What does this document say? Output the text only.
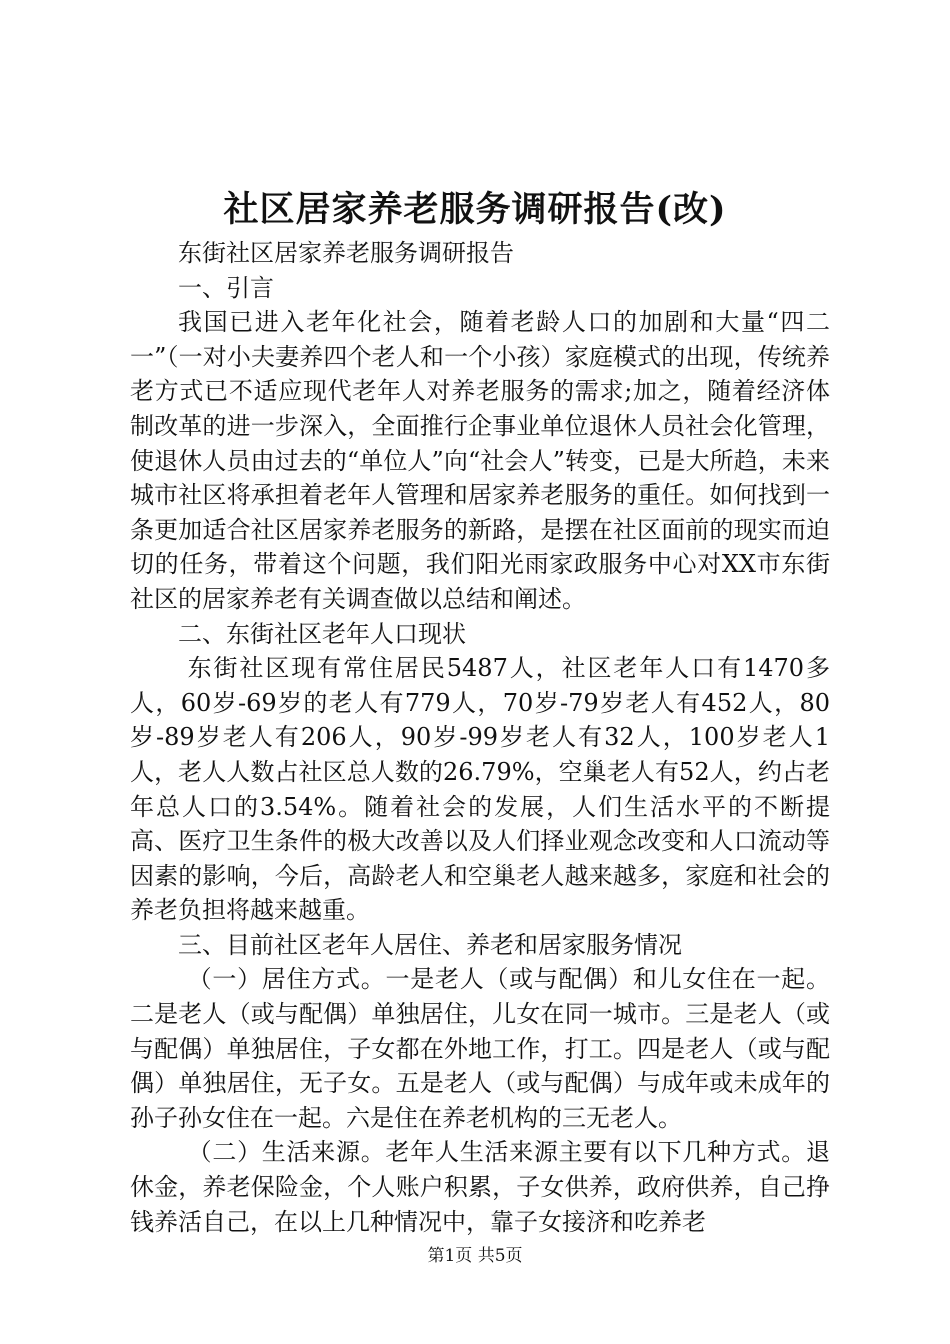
社区居家养老服务调研报告(改)

东街社区居家养老服务调研报告

一、引言

我国已进入老年化社会，随着老龄人口的加剧和大量“四二一”（一对小夫妻养四个老人和一个小孩）家庭模式的出现，传统养老方式已不适应现代老年人对养老服务的需求;加之，随着经济体制改革的进一步深入，全面推行企事业单位退休人员社会化管理，使退休人员由过去的“单位人”向“社会人”转变，已是大所趋，未来城市社区将承担着老年人管理和居家养老服务的重任。如何找到一条更加适合社区居家养老服务的新路，是摆在社区面前的现实而迫切的任务，带着这个问题，我们阳光雨家政服务中心对XX市东街社区的居家养老有关调查做以总结和阐述。

二、东街社区老年人口现状

东街社区现有常住居民5487人，社区老年人口有1470多人，60岁-69岁的老人有779人，70岁-79岁老人有452人，80岁-89岁老人有206人，90岁-99岁老人有32人，100岁老人1人，老人人数占社区总人数的26.79%，空巢老人有52人，约占老年总人口的3.54%。随着社会的发展，人们生活水平的不断提高、医疗卫生条件的极大改善以及人们择业观念改变和人口流动等因素的影响，今后，高龄老人和空巢老人越来越多，家庭和社会的养老负担将越来越重。

三、目前社区老年人居住、养老和居家服务情况

（一）居住方式。一是老人（或与配偶）和儿女住在一起。二是老人（或与配偶）单独居住，儿女在同一城市。三是老人（或与配偶）单独居住，子女都在外地工作，打工。四是老人（或与配偶）单独居住，无子女。五是老人（或与配偶）与成年或未成年的孙子孙女住在一起。六是住在养老机构的三无老人。

（二）生活来源。老年人生活来源主要有以下几种方式。退休金，养老保险金，个人账户积累，子女供养，政府供养，自己挣钱养活自己，在以上几种情况中，靠子女接济和吃养老

第1页 共5页
